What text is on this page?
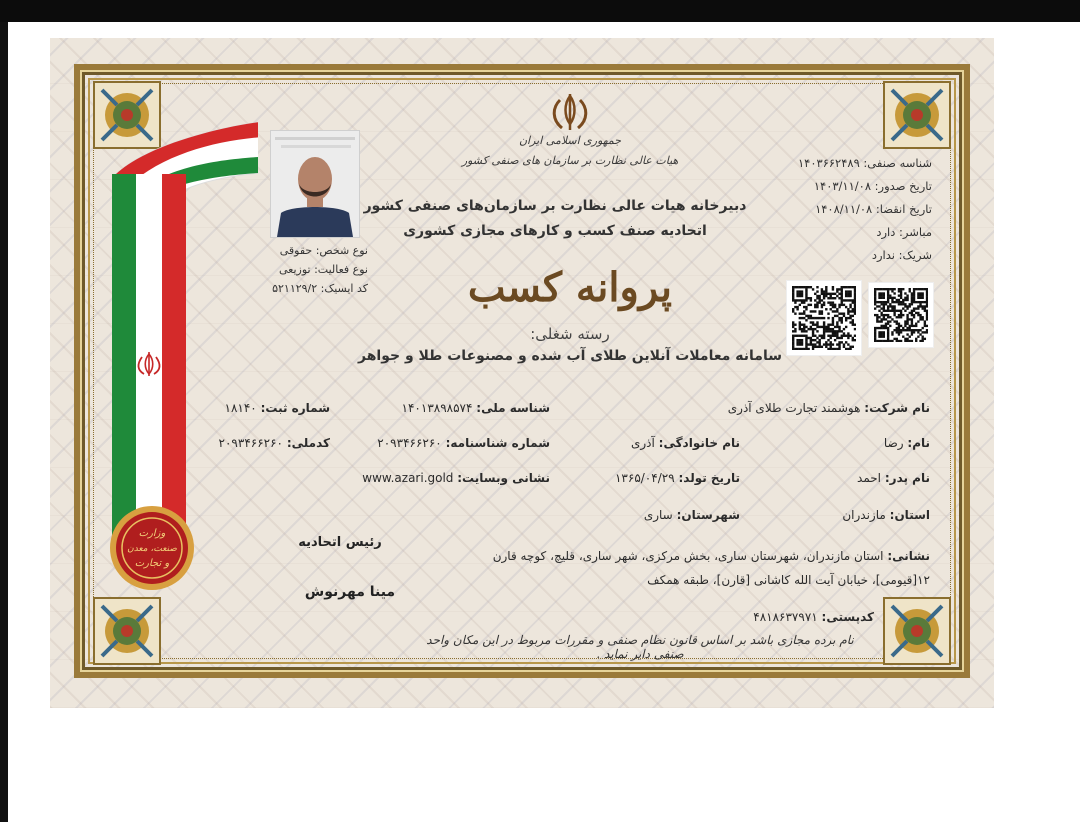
جمهوری اسلامی ایران
هیات عالی نظارت بر سازمان های صنفی کشور
دبیرخانه هیات عالی نظارت بر سازمان‌های صنفی کشور
اتحادیه صنف کسب و کارهای مجازی کشوری
پروانه کسب
رسته شغلی:
سامانه معاملات آنلاین طلای آب شده و مصنوعات طلا و جواهر
شناسه صنفی: ۱۴۰۳۶۶۲۴۸۹
تاریخ صدور: ۱۴۰۳/۱۱/۰۸
تاریخ انقضا: ۱۴۰۸/۱۱/۰۸
مباشر: دارد
شریک: ندارد
نوع شخص: حقوقی
نوع فعالیت: توزیعی
کد ایسیک: ۵۲۱۱۲۹/۲
وزارت
صنعت، معدن
و تجارت
نام شرکت: هوشمند تجارت طلای آذری
شناسه ملی: ۱۴۰۱۳۸۹۸۵۷۴
شماره ثبت: ۱۸۱۴۰
نام: رضا
نام خانوادگی: آذری
شماره شناسنامه: ۲۰۹۳۴۶۶۲۶۰
کدملی: ۲۰۹۳۴۶۶۲۶۰
نام پدر: احمد
تاریخ تولد: ۱۳۶۵/۰۴/۲۹
نشانی وبسایت: www.azari.gold
استان: مازندران
شهرستان: ساری
نشانی: استان مازندران، شهرستان ساری، بخش مرکزی، شهر ساری، قلیچ، کوچه قارن
۱۲[قیومی]، خیابان آیت الله کاشانی [قارن]، طبقه همکف
کدپستی: ۴۸۱۸۶۳۷۹۷۱
نام برده مجازی باشد بر اساس قانون نظام صنفی و مقررات مربوط در این مکان واحد صنفی دایر نماید .
رئیس اتحادیه
مینا مهرنوش
